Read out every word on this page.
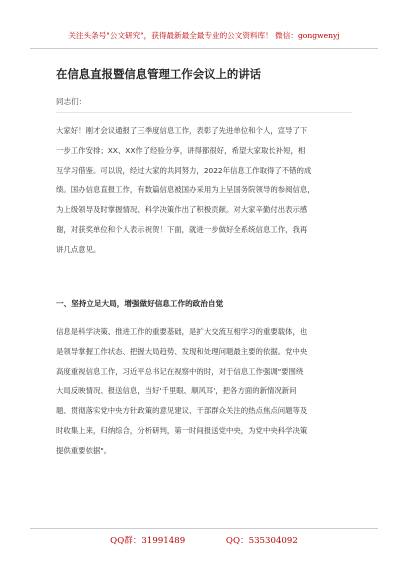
关注头条号"公文研究"，获得最新最全最专业的公文资料库！ 微信：gongwenyj
在信息直报暨信息管理工作会议上的讲话
同志们：
大家好！刚才会议通报了三季度信息工作，表彰了先进单位和个人，宣导了下
一步工作安排；XX、XX作了经验分享，讲得都很好，希望大家取长补短，相
互学习借鉴。可以说，经过大家的共同努力，2022年信息工作取得了不错的成
绩。国办信息直报工作，有数篇信息被国办采用为上呈国务院领导的参阅信息，
为上级领导及时掌握情况、科学决策作出了积极贡献。对大家辛勤付出表示感
谢，对获奖单位和个人表示祝贺！下面，就进一步做好全系统信息工作，我再
讲几点意见。
一、坚持立足大局，增强做好信息工作的政治自觉
信息是科学决策、推进工作的重要基础，是扩大交流互相学习的重要载体，也
是领导掌握工作状态、把握大局趋势、发现和处理问题最主要的依据。党中央
高度重视信息工作，习近平总书记在视察中的时，对于信息工作强调"要围绕
大局反映情况、报送信息，当好'千里眼、顺风耳'，把各方面的新情况新问
题、贯彻落实党中央方针政策的意见建议、干部群众关注的热点焦点问题等及
时收集上来，归纳综合，分析研判，第一时间报送党中央，为党中央科学决策
提供重要依据"。
QQ群：31991489	QQ：535304092
